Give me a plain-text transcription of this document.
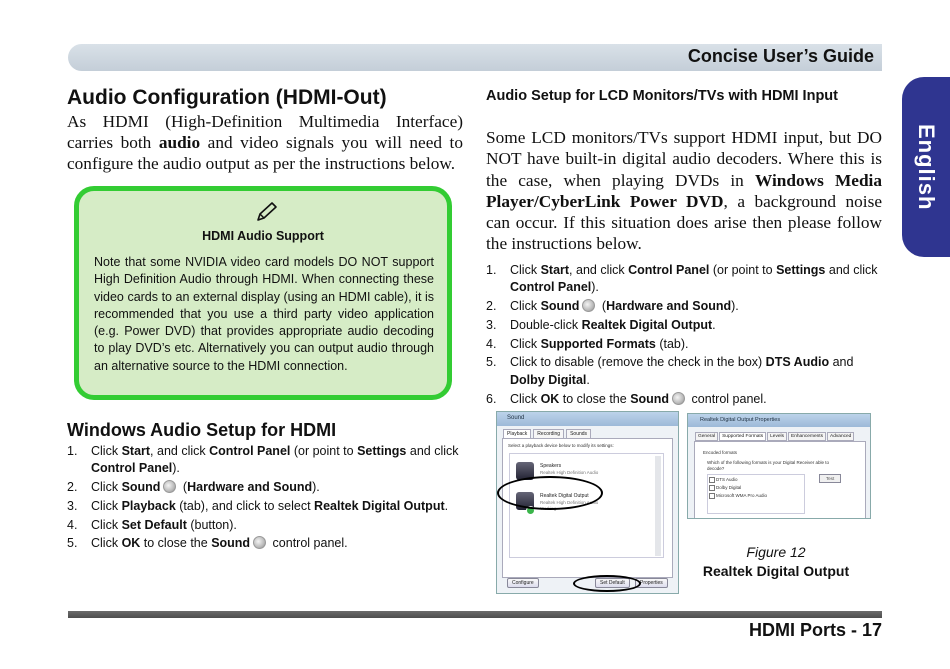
Concise User’s Guide
English
Audio Configuration (HDMI-Out)

As HDMI (High-Definition Multimedia Interface) carries both audio and video signals you will need to configure the audio output as per the instructions below.

HDMI Audio Support
Note that some NVIDIA video card models DO NOT support High Definition Audio through HDMI. When connecting these video cards to an external display (using an HDMI cable), it is recommended that you use a third party video application (e.g. Power DVD) that provides appropriate audio decoding to play DVD’s etc. Alternatively you can output audio through an alternative source to the HDMI connection.
Windows Audio Setup for HDMI
1. Click Start, and click Control Panel (or point to Settings and click Control Panel).
2. Click Sound (Hardware and Sound).
3. Click Playback (tab), and click to select Realtek Digital Output.
4. Click Set Default (button).
5. Click OK to close the Sound control panel.
Audio Setup for LCD Monitors/TVs with HDMI Input

Some LCD monitors/TVs support HDMI input, but DO NOT have built-in digital audio decoders. Where this is the case, when playing DVDs in Windows Media Player/CyberLink Power DVD, a background noise can occur. If this situation does arise then please follow the instructions below.

1. Click Start, and click Control Panel (or point to Settings and click Control Panel).
2. Click Sound (Hardware and Sound).
3. Double-click Realtek Digital Output.
4. Click Supported Formats (tab).
5. Click to disable (remove the check in the box) DTS Audio and Dolby Digital.
6. Click OK to close the Sound control panel.
Sound
Playback	Recording	Sounds
Select a playback device below to modify its settings:
Speakers
Realtek High Definition Audio
Realtek Digital Output
Realtek High Definition Audio
Working
Configure	Set Default	Properties
Realtek Digital Output Properties
General	Supported Formats	Levels	Enhancements	Advanced
Encoded formats
Which of the following formats is your Digital Receiver able to decode?
DTS Audio
Dolby Digital
Microsoft WMA Pro Audio
Test
Figure 12
Realtek Digital Output
HDMI Ports - 17
